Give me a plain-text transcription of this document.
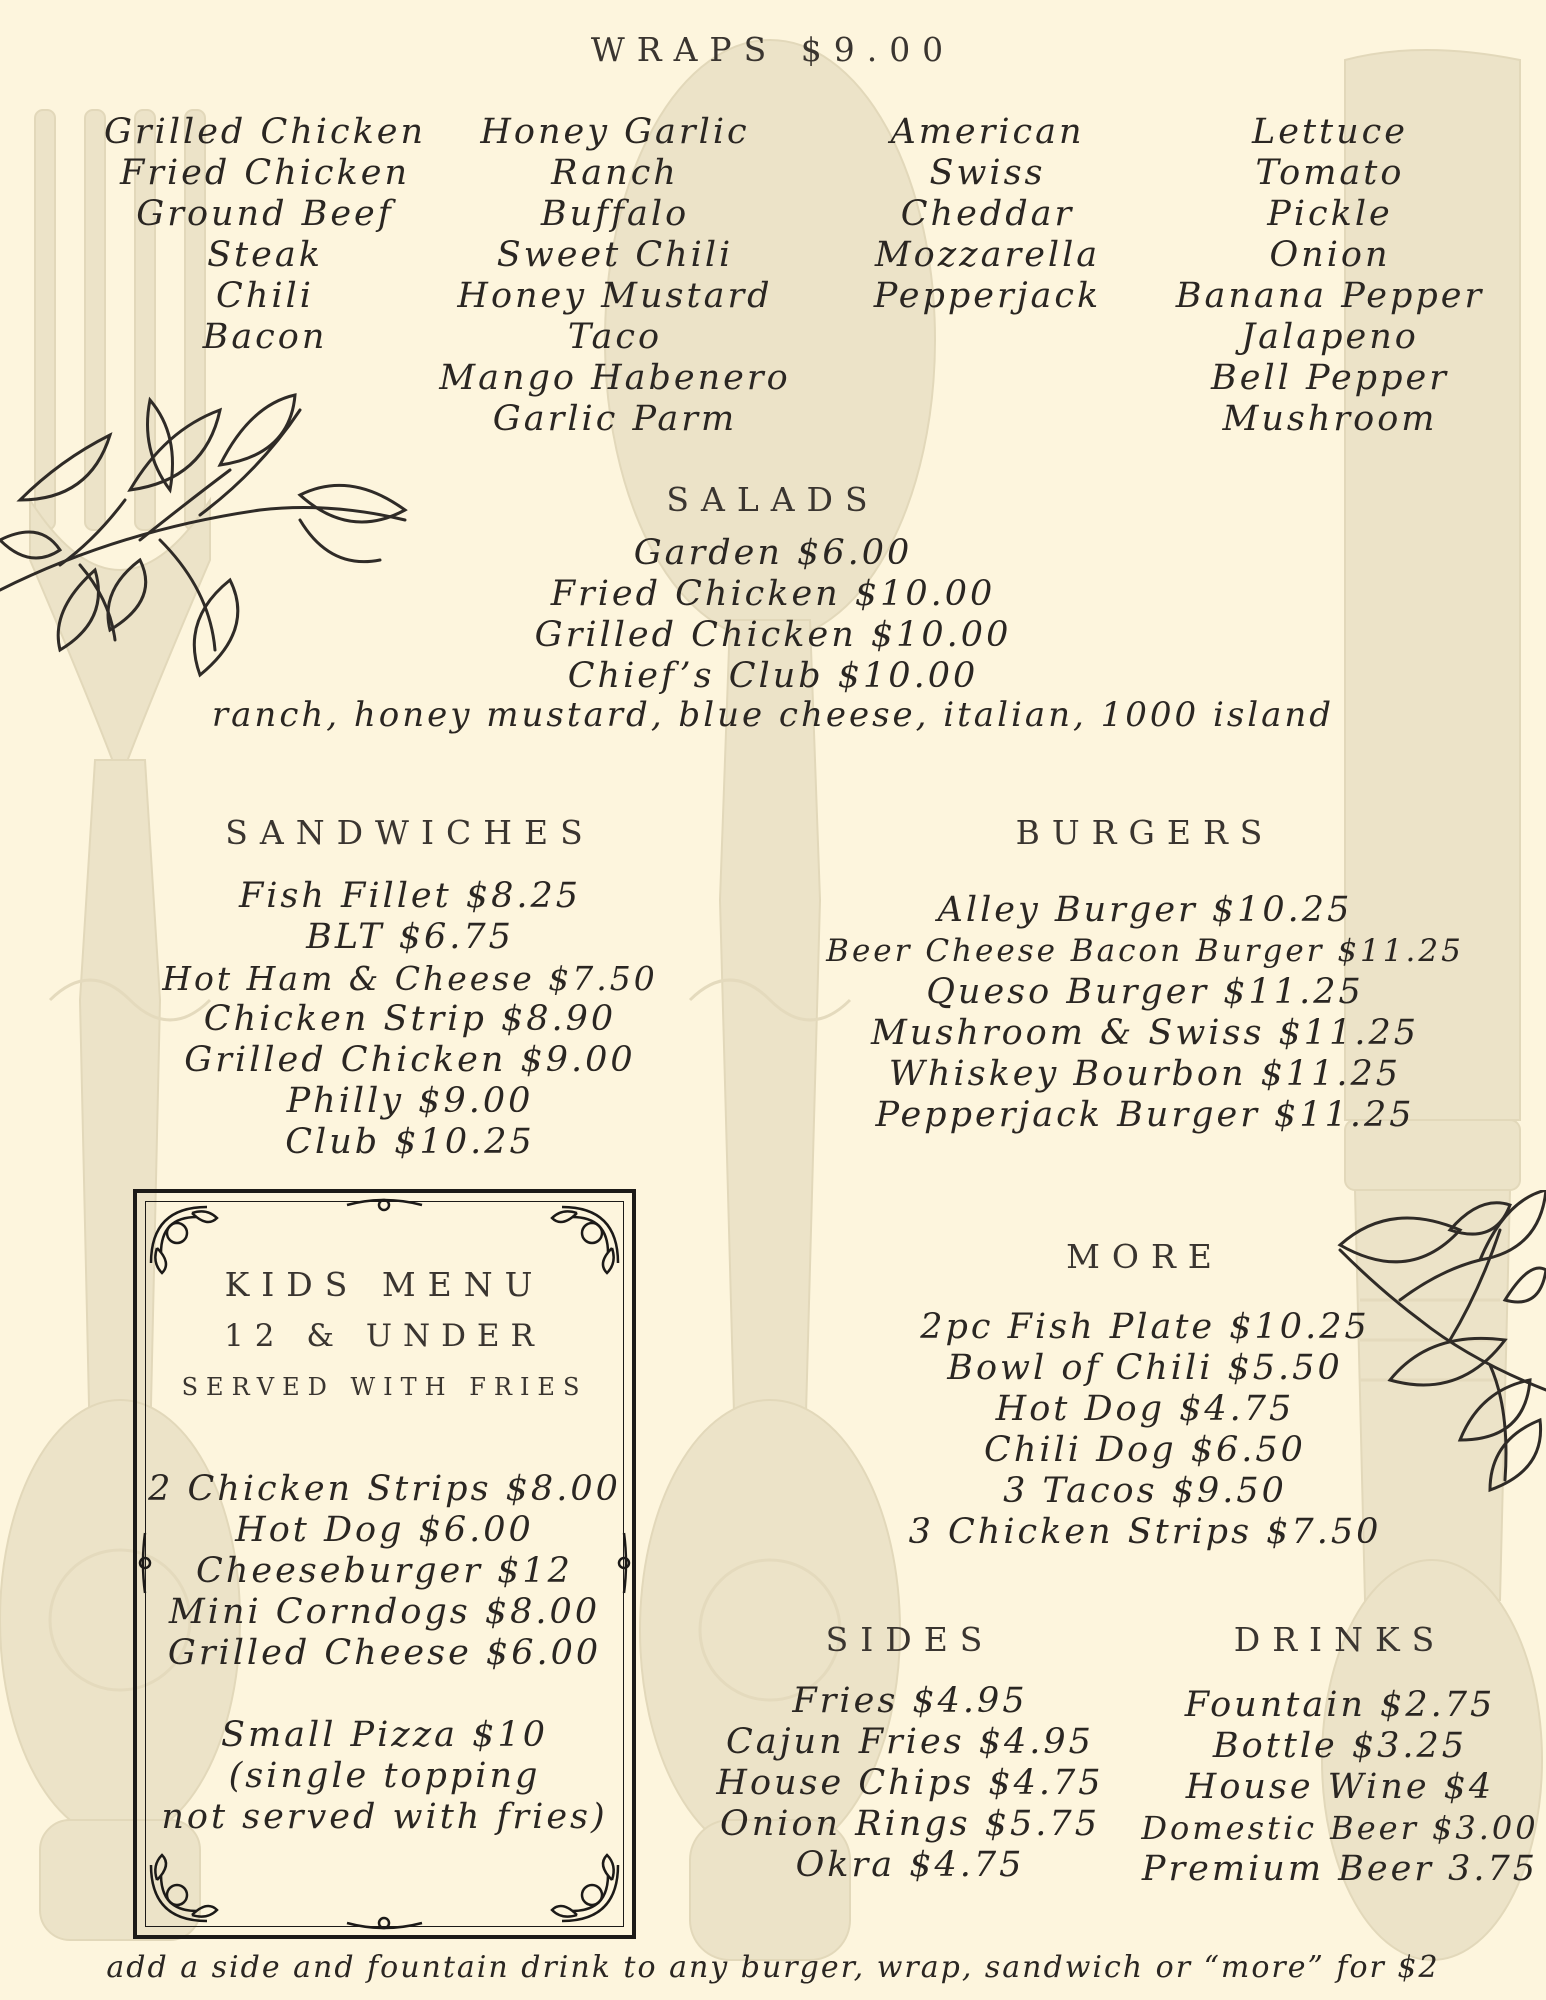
WRAPS $9.00
Grilled Chicken
Fried Chicken
Ground Beef
Steak
Chili
Bacon
Honey Garlic
Ranch
Buffalo
Sweet Chili
Honey Mustard
Taco
Mango Habenero
Garlic Parm
American
Swiss
Cheddar
Mozzarella
Pepperjack
Lettuce
Tomato
Pickle
Onion
Banana Pepper
Jalapeno
Bell Pepper
Mushroom
SALADS
Garden $6.00
Fried Chicken $10.00
Grilled Chicken $10.00
Chief’s Club $10.00
ranch, honey mustard, blue cheese, italian, 1000 island
SANDWICHES
Fish Fillet $8.25
BLT $6.75
Hot Ham & Cheese $7.50
Chicken Strip $8.90
Grilled Chicken $9.00
Philly $9.00
Club $10.25
BURGERS
Alley Burger $10.25
Beer Cheese Bacon Burger $11.25
Queso Burger $11.25
Mushroom & Swiss $11.25
Whiskey Bourbon $11.25
Pepperjack Burger $11.25
KIDS MENU
12 & UNDER
SERVED WITH FRIES
2 Chicken Strips $8.00
Hot Dog $6.00
Cheeseburger $12
Mini Corndogs $8.00
Grilled Cheese $6.00
Small Pizza $10
(single topping
not served with fries)
MORE
2pc Fish Plate $10.25
Bowl of Chili $5.50
Hot Dog $4.75
Chili Dog $6.50
3 Tacos $9.50
3 Chicken Strips $7.50
SIDES
Fries $4.95
Cajun Fries $4.95
House Chips $4.75
Onion Rings $5.75
Okra $4.75
DRINKS
Fountain $2.75
Bottle $3.25
House Wine $4
Domestic Beer $3.00
Premium Beer 3.75
add a side and fountain drink to any burger, wrap, sandwich or “more” for $2
